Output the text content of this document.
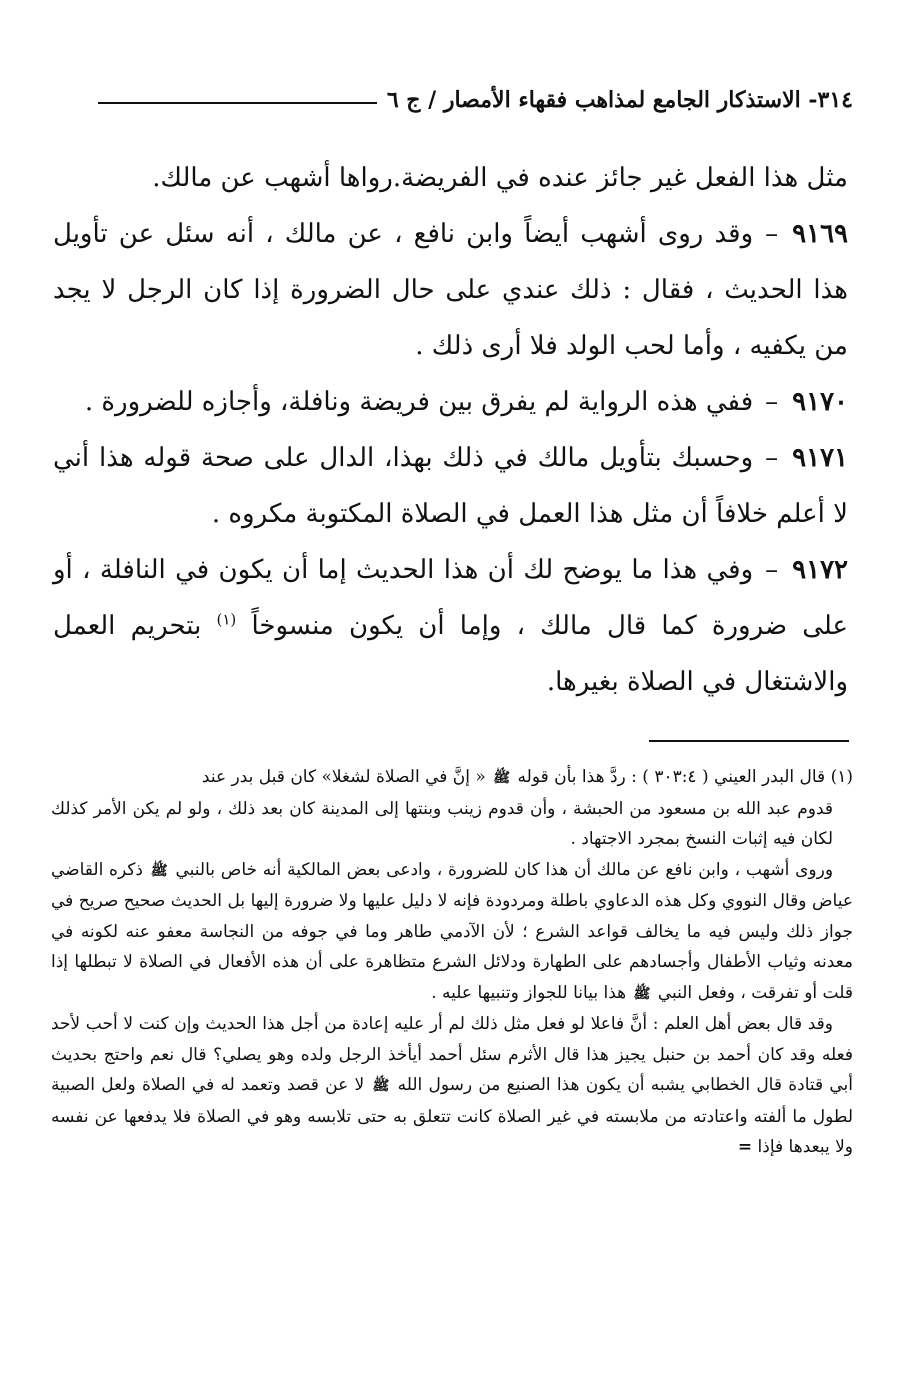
٣١٤- الاستذكار الجامع لمذاهب فقهاء الأمصار / ج ٦

مثل هذا الفعل غير جائز عنده في الفريضة.رواها أشهب عن مالك.

٩١٦٩–وقد روى أشهب أيضاً وابن نافع ، عن مالك ، أنه سئل عن تأويل هذا الحديث ، فقال : ذلك عندي على حال الضرورة إذا كان الرجل لا يجد من يكفيه ، وأما لحب الولد فلا أرى ذلك .

٩١٧٠–ففي هذه الرواية لم يفرق بين فريضة ونافلة، وأجازه للضرورة .

٩١٧١–وحسبك بتأويل مالك في ذلك بهذا، الدال على صحة قوله هذا أني لا أعلم خلافاً أن مثل هذا العمل في الصلاة المكتوبة مكروه .

٩١٧٢–وفي هذا ما يوضح لك أن هذا الحديث إما أن يكون في النافلة ، أو على ضرورة كما قال مالك ، وإما أن يكون منسوخاً $^{(١)}$ بتحريم العمل والاشتغال في الصلاة بغيرها.

(١) قال البدر العيني ( ٣٠٣:٤ ) : ردَّ هذا بأن قوله ﷺ « إنَّ في الصلاة لشغلا» كان قبل بدر عند

قدوم عبد الله بن مسعود من الحبشة ، وأن قدوم زينب وبنتها إلى المدينة كان بعد ذلك ، ولو لم يكن الأمر كذلك لكان فيه إثبات النسخ بمجرد الاجتهاد .

وروى أشهب ، وابن نافع عن مالك أن هذا كان للضرورة ، وادعى بعض المالكية أنه خاص بالنبي ﷺ ذكره القاضي عياض وقال النووي وكل هذه الدعاوي باطلة ومردودة فإنه لا دليل عليها ولا ضرورة إليها بل الحديث صحيح صريح في جواز ذلك وليس فيه ما يخالف قواعد الشرع ؛ لأن الآدمي طاهر وما في جوفه من النجاسة معفو عنه لكونه في معدنه وثياب الأطفال وأجسادهم على الطهارة ودلائل الشرع متظاهرة على أن هذه الأفعال في الصلاة لا تبطلها إذا قلت أو تفرقت ، وفعل النبي ﷺ هذا بيانا للجواز وتنبيها عليه .

وقد قال بعض أهل العلم : أنَّ فاعلا لو فعل مثل ذلك لم أر عليه إعادة من أجل هذا الحديث وإن كنت لا أحب لأحد فعله وقد كان أحمد بن حنبل يجيز هذا قال الأثرم سئل أحمد أيأخذ الرجل ولده وهو يصلي؟ قال نعم واحتج بحديث أبي قتادة قال الخطابي يشبه أن يكون هذا الصنيع من رسول الله ﷺ لا عن قصد وتعمد له في الصلاة ولعل الصبية لطول ما ألفته واعتادته من ملابسته في غير الصلاة كانت تتعلق به حتى تلابسه وهو في الصلاة فلا يدفعها عن نفسه ولا يبعدها فإذا =
